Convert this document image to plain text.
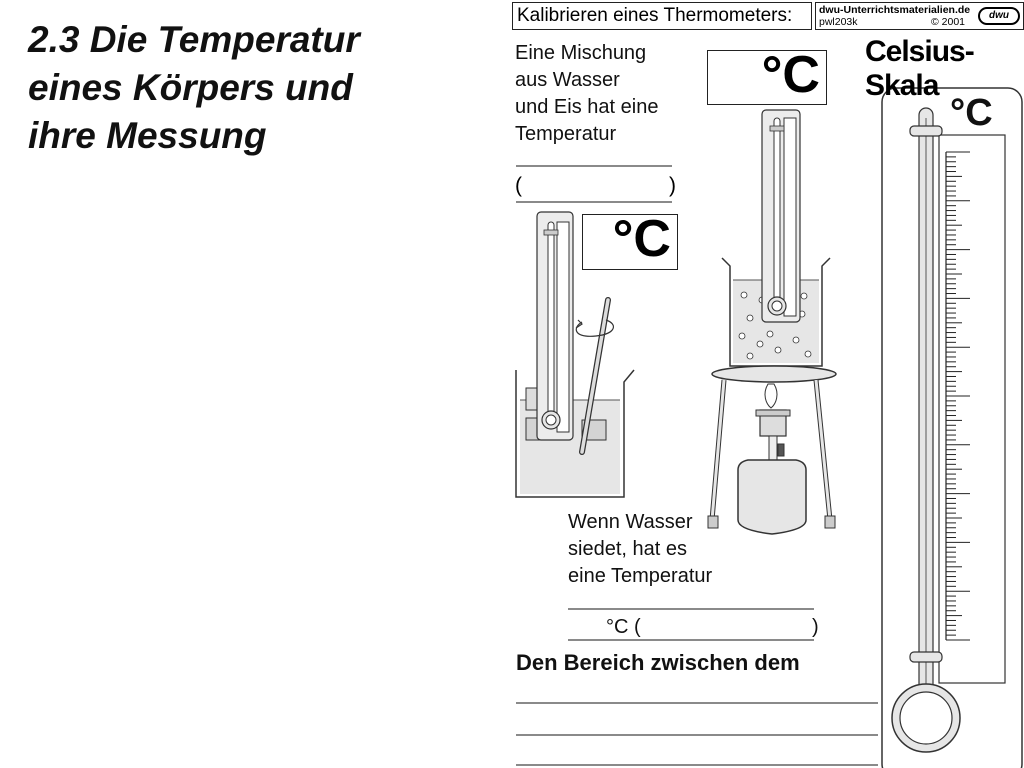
2.3 Die Temperatur
eines Körpers und
ihre Messung
Kalibrieren eines Thermometers:	dwu-Unterrichtsmaterialien.de
pwl203k	© 2001
dwu
Celsius-Skala
°C
Eine Mischung
aus Wasser
und Eis hat eine
Temperatur
(	)
°C
°C
Wenn Wasser
siedet, hat es
eine Temperatur
°C (	)
Den Bereich zwischen dem
